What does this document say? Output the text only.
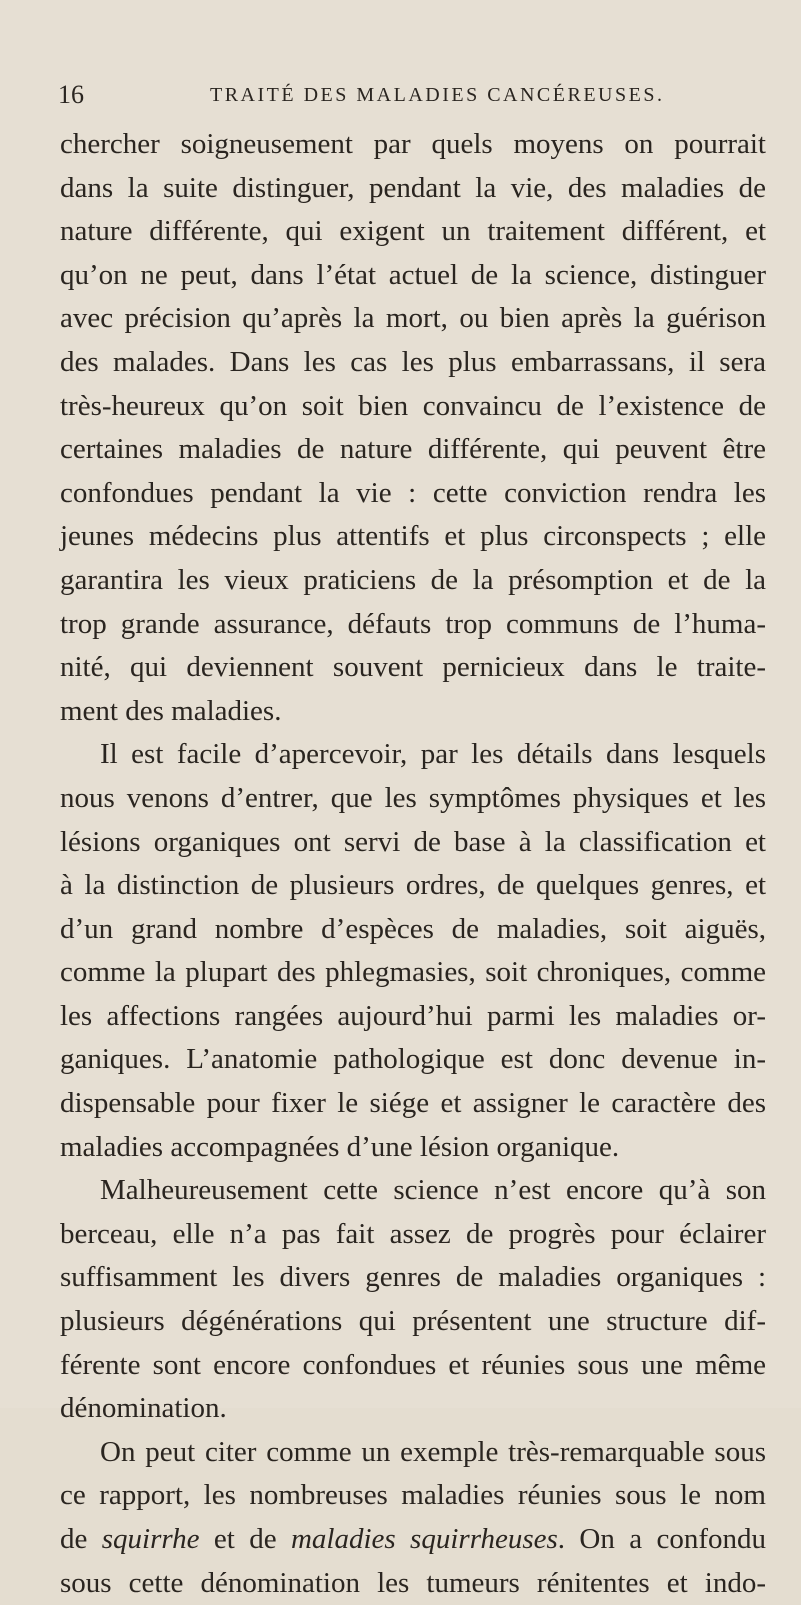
16	TRAITÉ DES MALADIES CANCÉREUSES.
chercher soigneusement par quels moyens on pourrait
dans la suite distinguer, pendant la vie, des maladies de
nature différente, qui exigent un traitement différent, et
qu’on ne peut, dans l’état actuel de la science, distinguer
avec précision qu’après la mort, ou bien après la guérison
des malades. Dans les cas les plus embarrassans, il sera
très-heureux qu’on soit bien convaincu de l’existence de
certaines maladies de nature différente, qui peuvent être
confondues pendant la vie : cette conviction rendra les
jeunes médecins plus attentifs et plus circonspects ; elle
garantira les vieux praticiens de la présomption et de la
trop grande assurance, défauts trop communs de l’huma-
nité, qui deviennent souvent pernicieux dans le traite-
ment des maladies.
Il est facile d’apercevoir, par les détails dans lesquels
nous venons d’entrer, que les symptômes physiques et les
lésions organiques ont servi de base à la classification et
à la distinction de plusieurs ordres, de quelques genres, et
d’un grand nombre d’espèces de maladies, soit aiguës,
comme la plupart des phlegmasies, soit chroniques, comme
les affections rangées aujourd’hui parmi les maladies or-
ganiques. L’anatomie pathologique est donc devenue in-
dispensable pour fixer le siége et assigner le caractère des
maladies accompagnées d’une lésion organique.
Malheureusement cette science n’est encore qu’à son
berceau, elle n’a pas fait assez de progrès pour éclairer
suffisamment les divers genres de maladies organiques :
plusieurs dégénérations qui présentent une structure dif-
férente sont encore confondues et réunies sous une même
dénomination.
On peut citer comme un exemple très-remarquable sous
ce rapport, les nombreuses maladies réunies sous le nom
de squirrhe et de maladies squirrheuses. On a confondu
sous cette dénomination les tumeurs rénitentes et indo-
